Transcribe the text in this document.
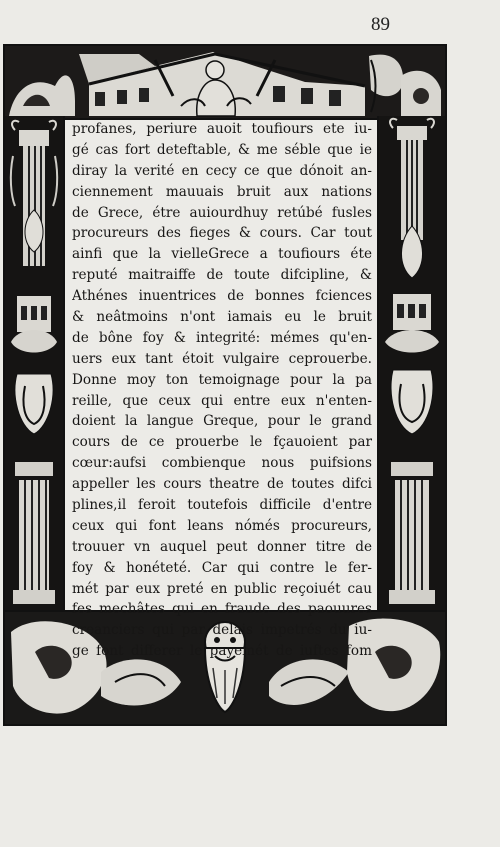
89
profanes, periure auoit toufiours ete iu-
gé cas fort deteftable, & me séble que ie
diray la verité en cecy ce que dónoit an-
ciennement mauuais bruit aux nations
de Grece, étre auiourdhuy retúbé fusles
procureurs des fieges & cours. Car tout
ainfi que la vielleGrece a toufiours éte
reputé maitraiffe de toute difcipline, &
Athénes inuentrices de bonnes fciences
& neâtmoins n'ont iamais eu le bruit
de bône foy & integrité: mémes qu'en-
uers eux tant étoit vulgaire ceprouerbe.
Donne moy ton temoignage pour la pa
reille, que ceux qui entre eux n'enten-
doient la langue Greque, pour le grand
cours de ce prouerbe le fçauoient par
cœur:aufsi combienque nous puifsions
appeller les cours theatre de toutes difci
plines,il feroit toutefois difficile d'entre
ceux qui font leans nómés procureurs,
trouuer vn auquel peut donner titre de
foy & honéteté. Car qui contre le fer-
mét par eux preté en public reçoiuét cau
fes mechâtes qui en fraude des paouures
creanciers qui par delais impetrés du iu-
ge font differer le payemét de iuftes fom
